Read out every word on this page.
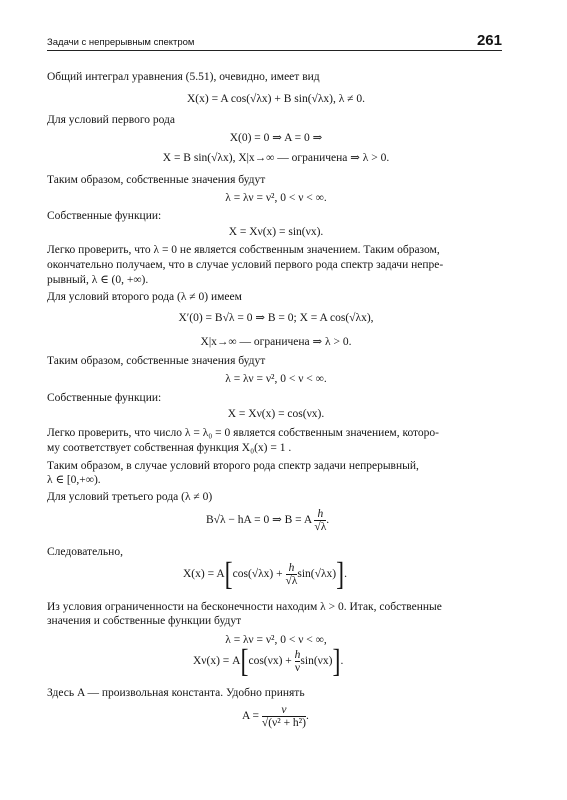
Задачи с непрерывным спектром	261
Общий интеграл уравнения (5.51), очевидно, имеет вид
X(x) = A cos(√λx) + B sin(√λx), λ ≠ 0.
Для условий первого рода
X(0) = 0 ⇒ A = 0 ⇒
X = B sin(√λx), X|x→∞ — ограничена ⇒ λ > 0.
Таким образом, собственные значения будут
λ = λν = ν², 0 < ν < ∞.
Собственные функции:
X = Xν(x) = sin(νx).
Легко проверить, что λ = 0 не является собственным значением. Таким образом,
окончательно получаем, что в случае условий первого рода спектр задачи непре-
рывный, λ ∈ (0, +∞).
Для условий второго рода (λ ≠ 0) имеем
X′(0) = B√λ = 0 ⇒ B = 0; X = A cos(√λx),
X|x→∞ — ограничена ⇒ λ > 0.
Таким образом, собственные значения будут
λ = λν = ν², 0 < ν < ∞.
Собственные функции:
X = Xν(x) = cos(νx).
Легко проверить, что число λ = λ₀ = 0 является собственным значением, которо-
му соответствует собственная функция X₀(x) = 1 .
Таким образом, в случае условий второго рода спектр задачи непрерывный,
λ ∈ [0,+∞).
Для условий третьего рода (λ ≠ 0)
B√λ − hA = 0 ⇒ B = A $\frac{h}{√\lambda}$ .
Следовательно,
$X(x) = A[\cos(√\lambda x) + \frac{h}{√\lambda} \sin(√\lambda x)]$.
Из условия ограниченности на бесконечности находим λ > 0. Итак, собственные
значения и собственные функции будут
λ = λν = ν², 0 < ν < ∞,
$X\nu(x) = A[\cos(\nu x) + \frac{h}{\nu} \sin(\nu x)]$.
Здесь A — произвольная константа. Удобно принять
$A = \frac{\nu}{\text{√(ν² + h²)}}$ .
